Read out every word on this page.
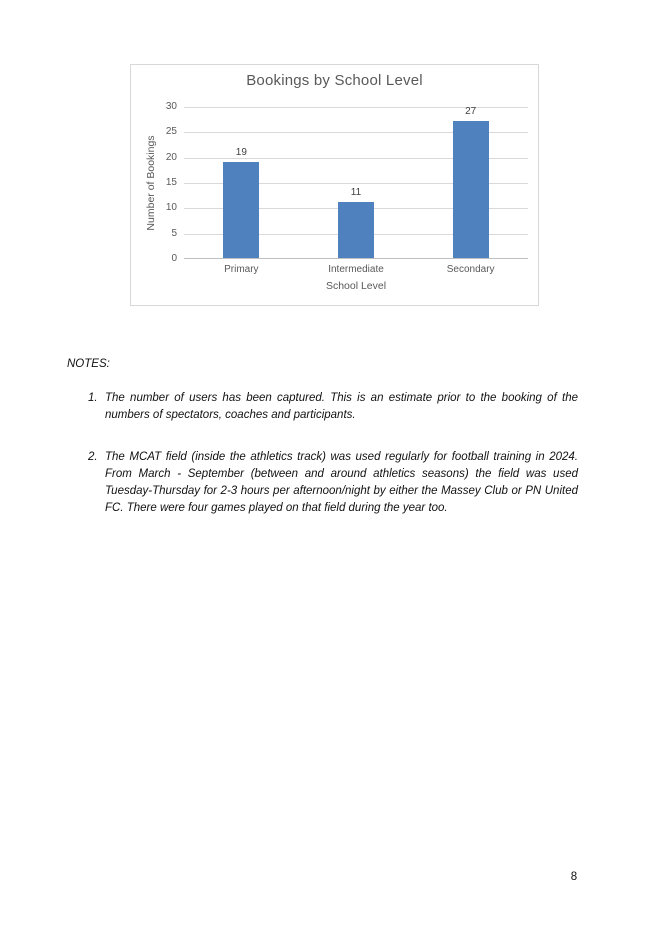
Bookings by School Level
Number of Bookings
0
5
10
15
20
25
30
19
11
27
Primary	Intermediate	Secondary
School Level
NOTES:
1. The number of users has been captured. This is an estimate prior to the booking of the numbers of spectators, coaches and participants.
2. The MCAT field (inside the athletics track) was used regularly for football training in 2024. From March - September (between and around athletics seasons) the field was used Tuesday-Thursday for 2-3 hours per afternoon/night by either the Massey Club or PN United FC. There were four games played on that field during the year too.
8
